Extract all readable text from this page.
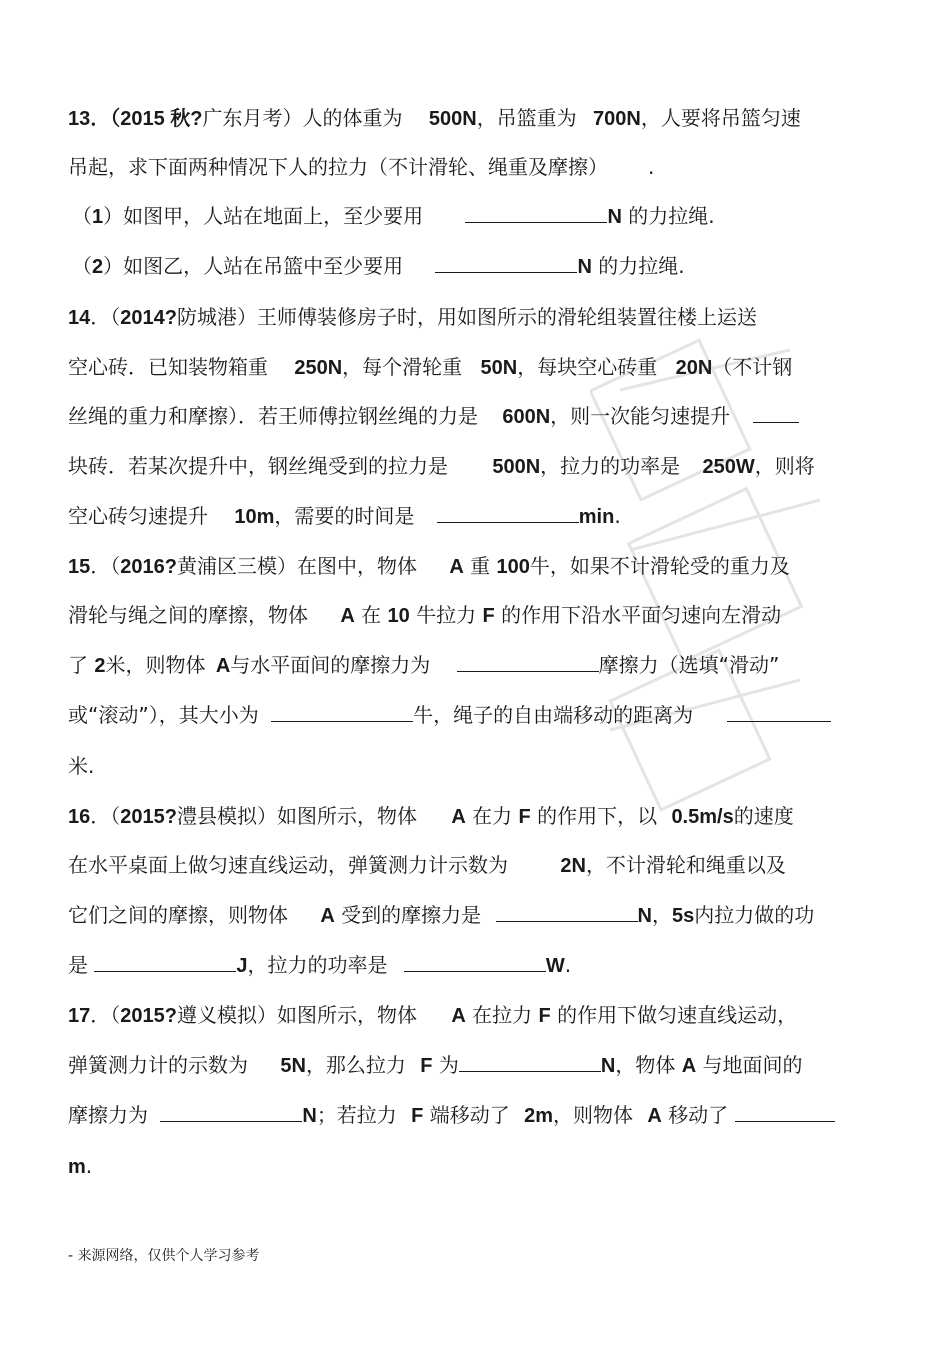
13．（2015 秋?广东月考）人的体重为 500N，吊篮重为 700N，人要将吊篮匀速
吊起，求下面两种情况下人的拉力（不计滑轮、绳重及摩擦） .
（1）如图甲，人站在地面上，至少要用	N 的力拉绳.
（2）如图乙，人站在吊篮中至少要用	N 的力拉绳.
14．（2014?防城港）王师傅装修房子时，用如图所示的滑轮组装置往楼上运送
空心砖．已知装物箱重 250N，每个滑轮重 50N，每块空心砖重 20N（不计钢
丝绳的重力和摩擦）．若王师傅拉钢丝绳的力是 600N，则一次能匀速提升
块砖．若某次提升中，钢丝绳受到的拉力是 500N，拉力的功率是 250W，则将
空心砖匀速提升 10m，需要的时间是	min.
15．（2016?黄浦区三模）在图中，物体 A 重 100牛，如果不计滑轮受的重力及
滑轮与绳之间的摩擦，物体 A 在 10 牛拉力 F 的作用下沿水平面匀速向左滑动
了 2米，则物体 A与水平面间的摩擦力为	摩擦力（选填“滑动”
或“滚动”），其大小为	牛，绳子的自由端移动的距离为
米.
16．（2015?澧县模拟）如图所示，物体 A 在力 F 的作用下，以 0.5m/s的速度
在水平桌面上做匀速直线运动，弹簧测力计示数为	2N，不计滑轮和绳重以及
它们之间的摩擦，则物体 A 受到的摩擦力是	N，5s内拉力做的功
是	J，拉力的功率是	W.
17．（2015?遵义模拟）如图所示，物体 A 在拉力 F 的作用下做匀速直线运动，
弹簧测力计的示数为 5N，那么拉力 F 为	N，物体 A 与地面间的
摩擦力为	N；若拉力 F 端移动了 2m，则物体 A 移动了
m.
- 来源网络，仅供个人学习参考
